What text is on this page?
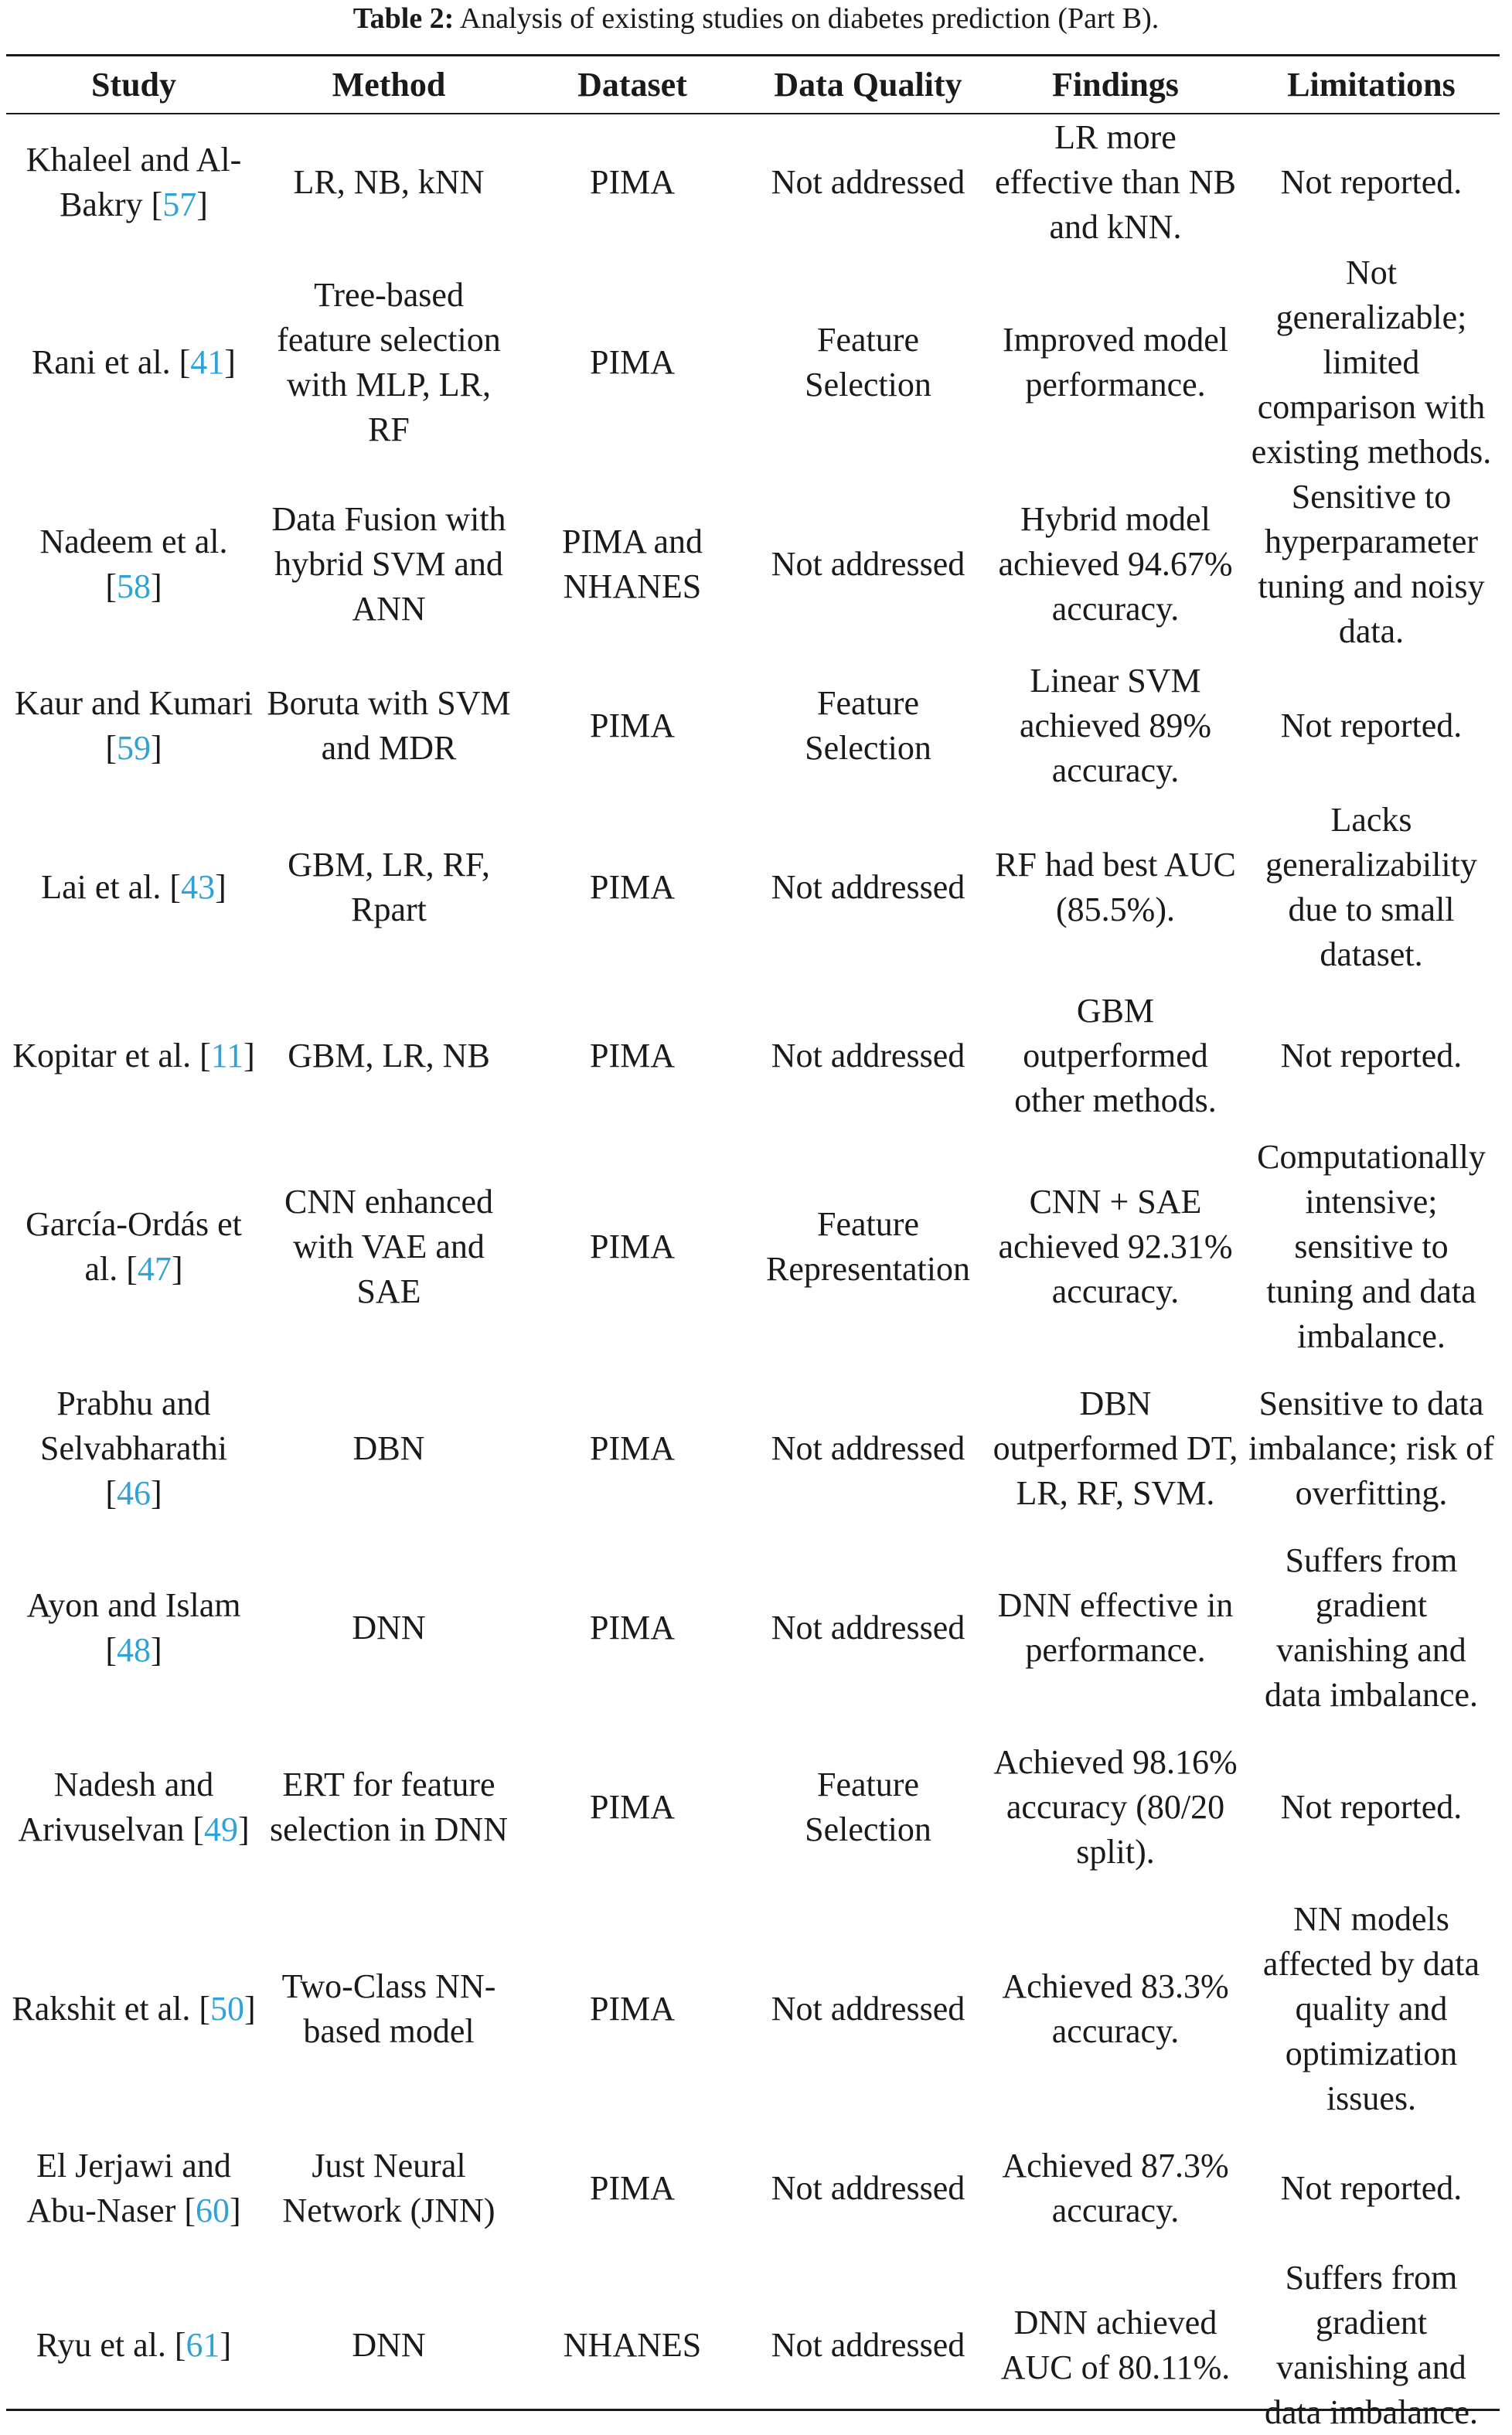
Table 2: Analysis of existing studies on diabetes prediction (Part B).
Study	Method	Dataset	Data Quality	Findings	Limitations
Khaleel and Al-Bakry [57]	LR, NB, kNN	PIMA	Not addressed	LR more effective than NB and kNN.	Not reported.
Rani et al. [41]	Tree-based feature selection with MLP, LR, RF	PIMA	Feature Selection	Improved model performance.	Not generalizable; limited comparison with existing methods.
Nadeem et al. [58]	Data Fusion with hybrid SVM and ANN	PIMA and NHANES	Not addressed	Hybrid model achieved 94.67% accuracy.	Sensitive to hyperparameter tuning and noisy data.
Kaur and Kumari [59]	Boruta with SVM and MDR	PIMA	Feature Selection	Linear SVM achieved 89% accuracy.	Not reported.
Lai et al. [43]	GBM, LR, RF, Rpart	PIMA	Not addressed	RF had best AUC (85.5%).	Lacks generalizability due to small dataset.
Kopitar et al. [11]	GBM, LR, NB	PIMA	Not addressed	GBM outperformed other methods.	Not reported.
García-Ordás et al. [47]	CNN enhanced with VAE and SAE	PIMA	Feature Representation	CNN + SAE achieved 92.31% accuracy.	Computationally intensive; sensitive to tuning and data imbalance.
Prabhu and Selvabharathi [46]	DBN	PIMA	Not addressed	DBN outperformed DT, LR, RF, SVM.	Sensitive to data imbalance; risk of overfitting.
Ayon and Islam [48]	DNN	PIMA	Not addressed	DNN effective in performance.	Suffers from gradient vanishing and data imbalance.
Nadesh and Arivuselvan [49]	ERT for feature selection in DNN	PIMA	Feature Selection	Achieved 98.16% accuracy (80/20 split).	Not reported.
Rakshit et al. [50]	Two-Class NN-based model	PIMA	Not addressed	Achieved 83.3% accuracy.	NN models affected by data quality and optimization issues.
El Jerjawi and Abu-Naser [60]	Just Neural Network (JNN)	PIMA	Not addressed	Achieved 87.3% accuracy.	Not reported.
Ryu et al. [61]	DNN	NHANES	Not addressed	DNN achieved AUC of 80.11%.	Suffers from gradient vanishing and data imbalance.
